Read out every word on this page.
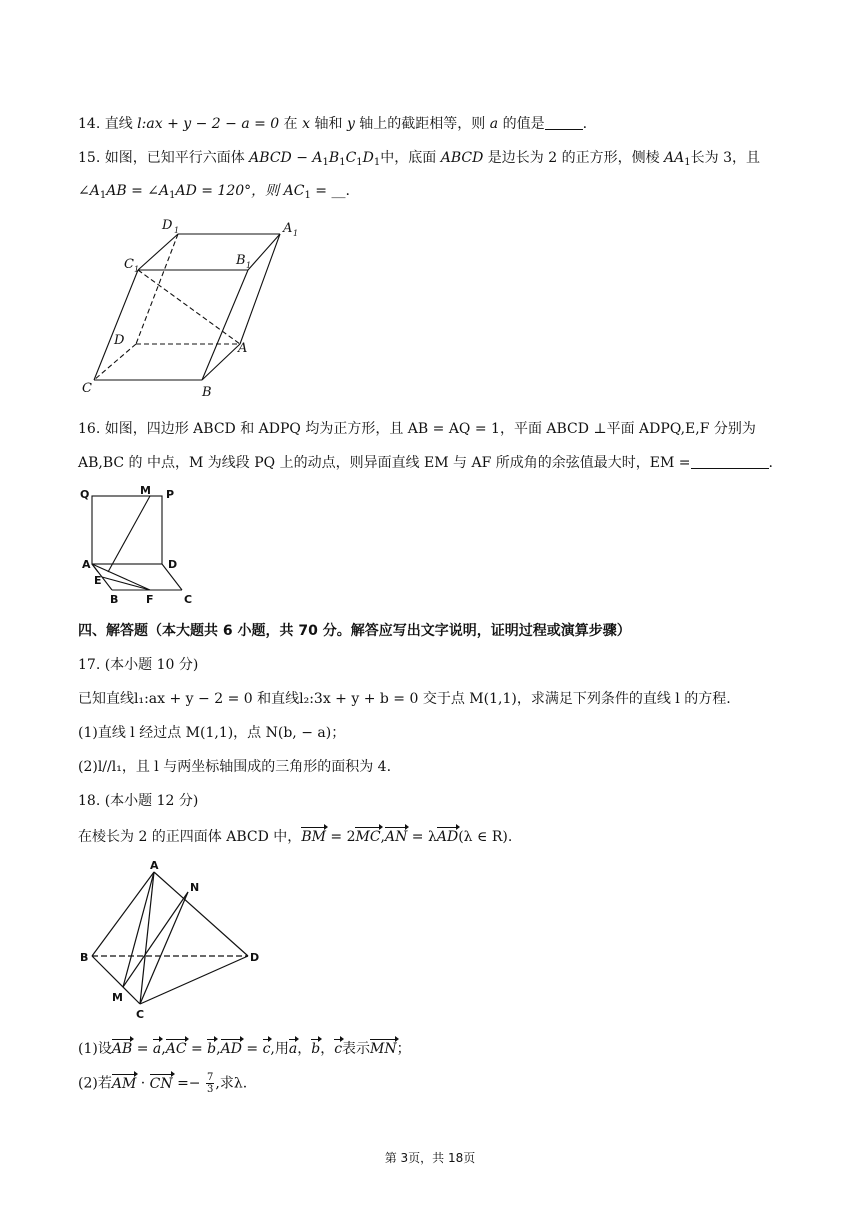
14. 直线 l:ax + y − 2 − a = 0 在 x 轴和 y 轴上的截距相等，则 a 的值是	.
15. 如图，已知平行六面体 ABCD − $A_1B_1C_1D_1$中，底面 ABCD 是边长为 2 的正方形，侧棱 $AA_1$长为 3，且
$\angle A_1AB$ = $\angle A_1AD = 120^\circ$，则 $AC_1$ = __.
D 1	A 1
C 1
B 1
D
A
C	B
16. 如图，四边形 ABCD 和 ADPQ 均为正方形，且 AB = AQ = 1，平面 ABCD ⊥平面 ADPQ,E,F 分别为
AB,BC 的 中点，M 为线段 PQ 上的动点，则异面直线 EM 与 AF 所成角的余弦值最大时，EM =	.
Q	M P
A	D
E
B	F	C
四、解答题（本大题共 6 小题，共 70 分。解答应写出文字说明，证明过程或演算步骤）
17. (本小题 10 分)
已知直线l₁:ax + y − 2 = 0 和直线l₂:3x + y + b = 0 交于点 M(1,1)，求满足下列条件的直线 l 的方程.
(1)直线 l 经过点 M(1,1)，点 N(b, − a)；
(2)l//l₁，且 l 与两坐标轴围成的三角形的面积为 4.
18. (本小题 12 分)
在棱长为 2 的正四面体 ABCD 中，BM = 2MC,AN = λAD(λ ∈ R).
A
N
B	D
M
C
(1)设AB = a,AC = b,AD = c,用a，b，c表示MN；
(2)若AM · CN =− $\frac{7}{3}$ ,求λ.
第 3页，共 18页
